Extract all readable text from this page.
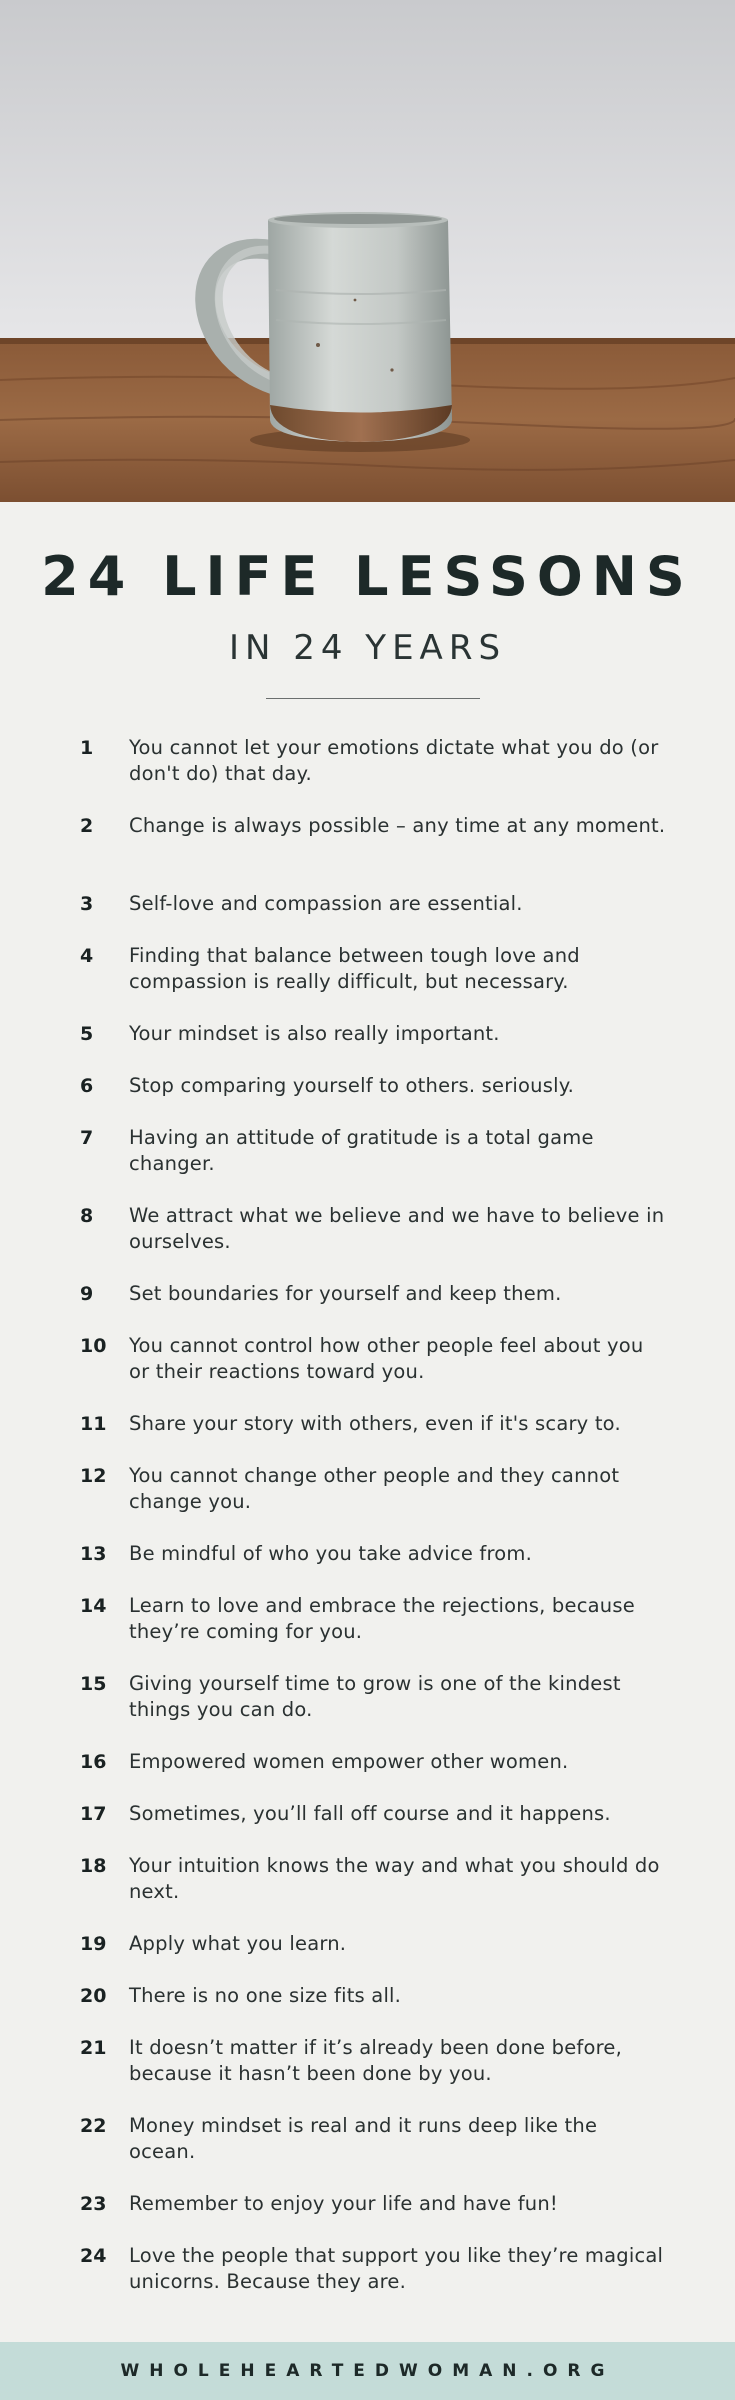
24 LIFE LESSONS
IN 24 YEARS
1	You cannot let your emotions dictate what you do (or don't do) that day.
2	Change is always possible – any time at any moment.
3	Self-love and compassion are essential.
4	Finding that balance between tough love and compassion is really difficult, but necessary.
5	Your mindset is also really important.
6	Stop comparing yourself to others. seriously.
7	Having an attitude of gratitude is a total game changer.
8	We attract what we believe and we have to believe in ourselves.
9	Set boundaries for yourself and keep them.
10	You cannot control how other people feel about you or their reactions toward you.
11	Share your story with others, even if it's scary to.
12	You cannot change other people and they cannot change you.
13	Be mindful of who you take advice from.
14	Learn to love and embrace the rejections, because they’re coming for you.
15	Giving yourself time to grow is one of the kindest things you can do.
16	Empowered women empower other women.
17	Sometimes, you’ll fall off course and it happens.
18	Your intuition knows the way and what you should do next.
19	Apply what you learn.
20	There is no one size fits all.
21	It doesn’t matter if it’s already been done before, because it hasn’t been done by you.
22	Money mindset is real and it runs deep like the ocean.
23	Remember to enjoy your life and have fun!
24	Love the people that support you like they’re magical unicorns. Because they are.
WHOLEHEARTEDWOMAN.ORG
